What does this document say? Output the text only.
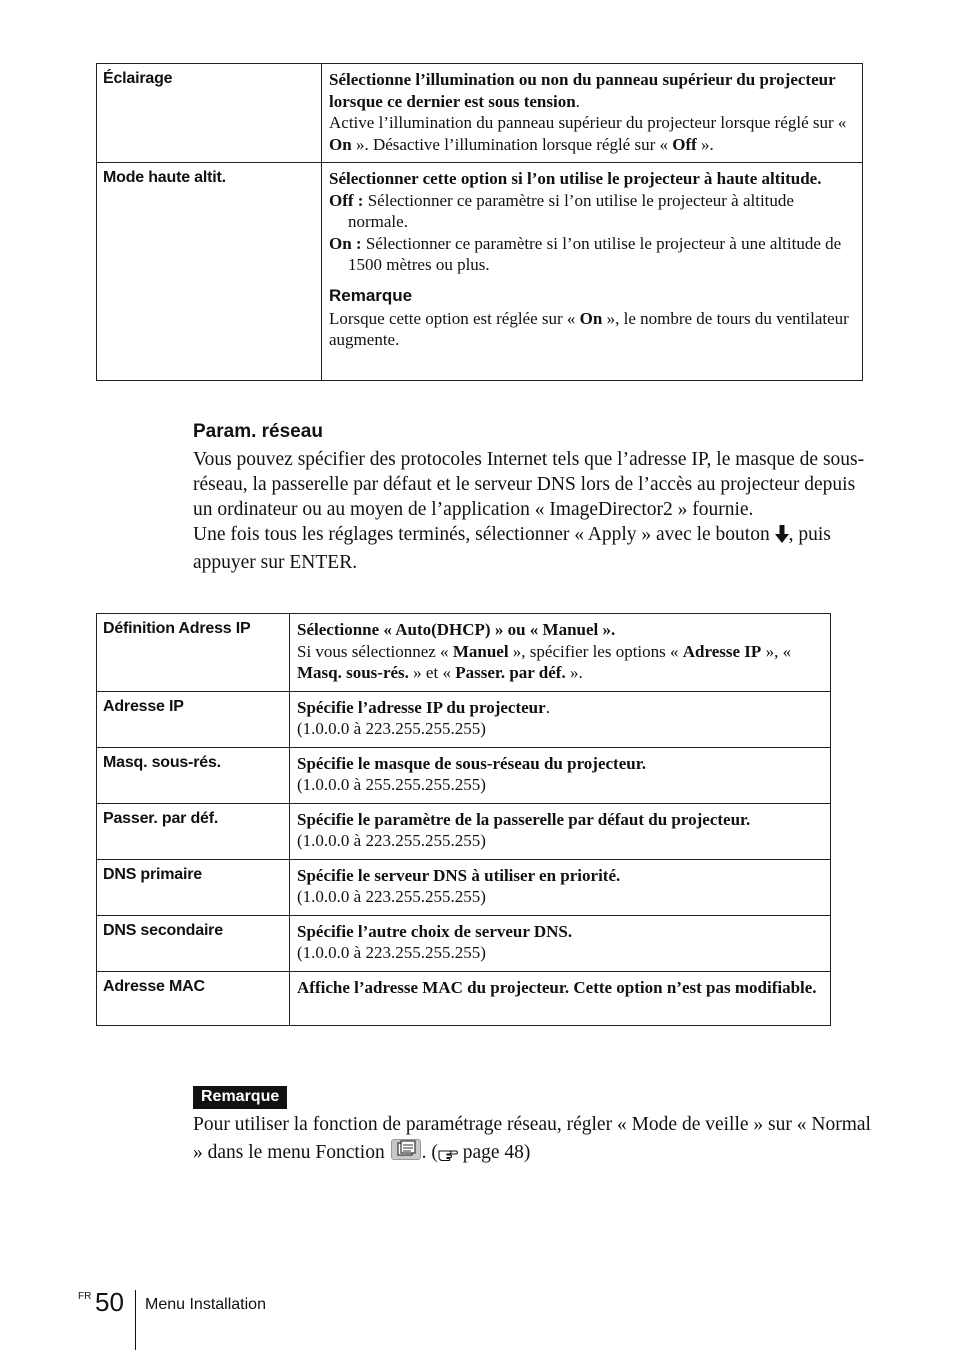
Éclairage	Sélectionne l’illumination ou non du panneau supérieur du projecteur lorsque ce dernier est sous tension.
Active l’illumination du panneau supérieur du projecteur lorsque réglé sur « On ». Désactive l’illumination lorsque réglé sur « Off ».
Mode haute altit.	Sélectionner cette option si l’on utilise le projecteur à haute altitude.
Off : Sélectionner ce paramètre si l’on utilise le projecteur à altitude normale.
On : Sélectionner ce paramètre si l’on utilise le projecteur à une altitude de 1500 mètres ou plus.
Remarque
Lorsque cette option est réglée sur « On », le nombre de tours du ventilateur augmente.
Param. réseau
Vous pouvez spécifier des protocoles Internet tels que l’adresse IP, le masque de sous-réseau, la passerelle par défaut et le serveur DNS lors de l’accès au projecteur depuis un ordinateur ou au moyen de l’application « ImageDirector2 » fournie.
Une fois tous les réglages terminés, sélectionner « Apply » avec le bouton , puis appuyer sur ENTER.
Définition Adress IP	Sélectionne « Auto(DHCP) » ou « Manuel ».
Si vous sélectionnez « Manuel », spécifier les options « Adresse IP », « Masq. sous-rés. » et « Passer. par déf. ».

Adresse IP	Spécifie l’adresse IP du projecteur.
(1.0.0.0 à 223.255.255.255)

Masq. sous-rés.	Spécifie le masque de sous-réseau du projecteur.
(1.0.0.0 à 255.255.255.255)

Passer. par déf.	Spécifie le paramètre de la passerelle par défaut du projecteur.
(1.0.0.0 à 223.255.255.255)

DNS primaire	Spécifie le serveur DNS à utiliser en priorité.
(1.0.0.0 à 223.255.255.255)

DNS secondaire	Spécifie l’autre choix de serveur DNS.
(1.0.0.0 à 223.255.255.255)

Adresse MAC	Affiche l’adresse MAC du projecteur. Cette option n’est pas modifiable.
Remarque
Pour utiliser la fonction de paramétrage réseau, régler « Mode de veille » sur « Normal » dans le menu Fonction . ( page 48)
FR 50 Menu Installation
